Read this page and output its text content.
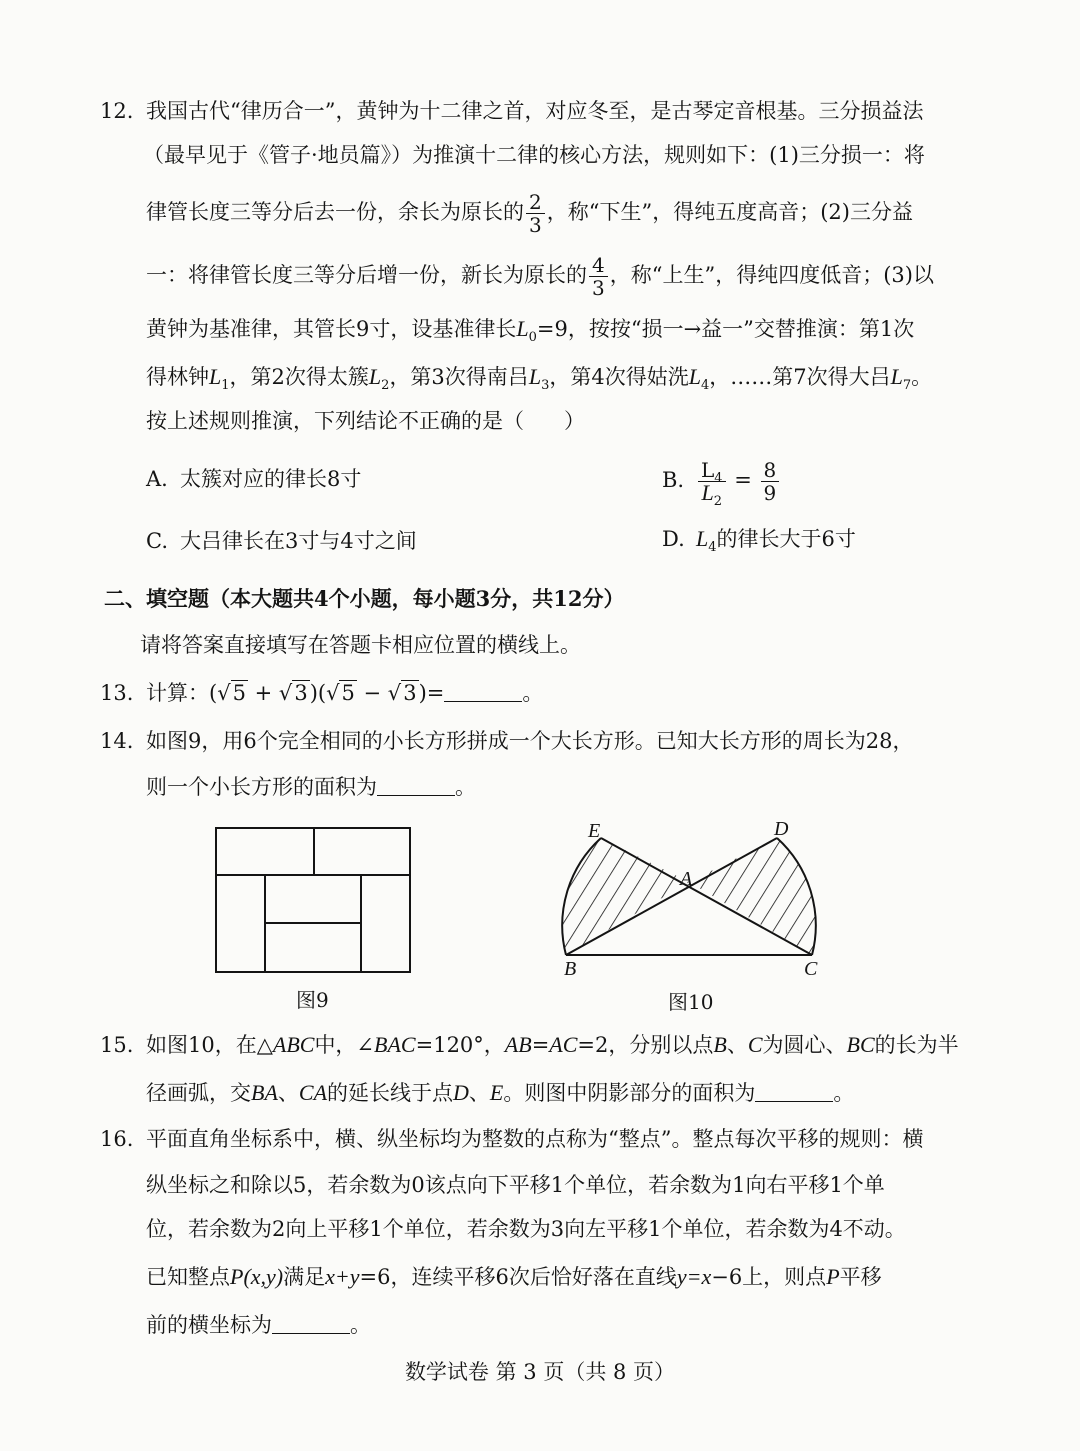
12. 我国古代“律历合一”，黄钟为十二律之首，对应冬至，是古琴定音根基。三分损益法
（最早见于《管子·地员篇》）为推演十二律的核心方法，规则如下：(1)三分损一：将
律管长度三等分后去一份，余长为原长的 $\frac{2}{3}$ ，称“下生”，得纯五度高音；(2)三分益
一：将律管长度三等分后增一份，新长为原长的 $\frac{4}{3}$ ，称“上生”，得纯四度低音；(3)以
黄钟为基准律，其管长9寸，设基准律长$L_0=9$，按按“损一→益一”交替推演：第1次
得林钟$L_1$，第2次得太簇$L_2$，第3次得南吕$L_3$，第4次得姑洗$L_4$，……第7次得大吕$L_7$。
按上述规则推演，下列结论不正确的是（ ）
A. 太簇对应的律长8寸	B. $\frac{L_4}{L_2} = \frac{8}{9}$
C. 大吕律长在3寸与4寸之间	D. $L_4$的律长大于6寸
二、填空题（本大题共4个小题，每小题3分，共12分）
请将答案直接填写在答题卡相应位置的横线上。
13. 计算：(√5 + √3)(√5 − √3)=	。
14. 如图9，用6个完全相同的小长方形拼成一个大长方形。已知大长方形的周长为28，
则一个小长方形的面积为	。
图9
E	D
A
B	C
图10
15. 如图10，在△ABC中，∠BAC=120°，AB=AC=2，分别以点B、C为圆心、BC的长为半
径画弧，交BA、CA的延长线于点D、E。则图中阴影部分的面积为	。
16. 平面直角坐标系中，横、纵坐标均为整数的点称为“整点”。整点每次平移的规则：横
纵坐标之和除以5，若余数为0该点向下平移1个单位，若余数为1向右平移1个单
位，若余数为2向上平移1个单位，若余数为3向左平移1个单位，若余数为4不动。
已知整点P(x,y)满足x+y=6，连续平移6次后恰好落在直线y=x−6上，则点P平移
前的横坐标为	。
数学试卷 第 3 页（共 8 页）
